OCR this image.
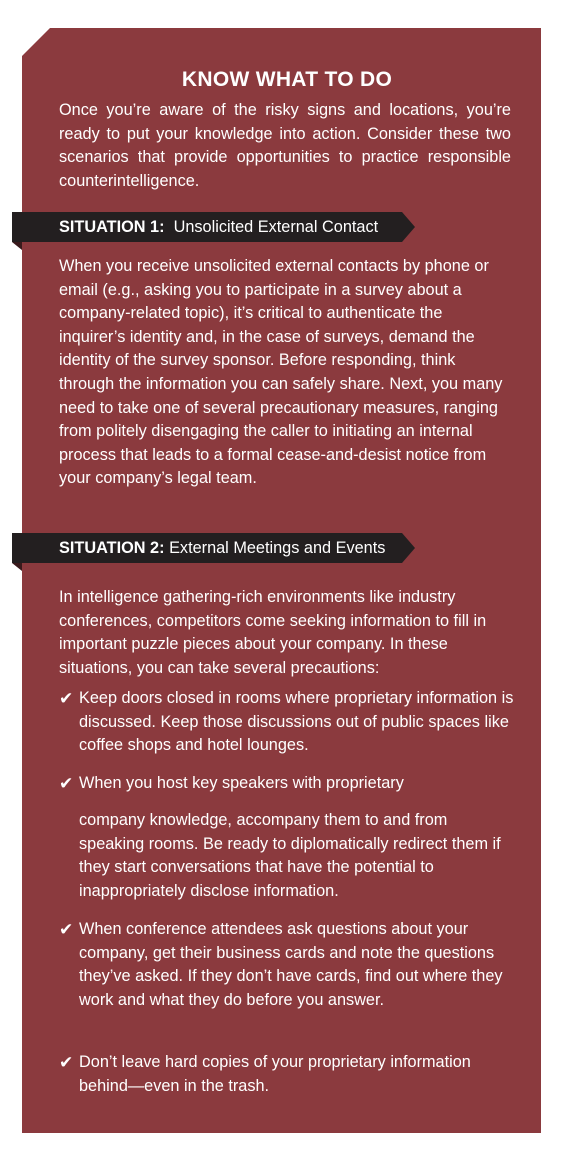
KNOW WHAT TO DO

Once you’re aware of the risky signs and locations, you’re ready to put your knowledge into action. Consider these two scenarios that provide opportunities to practice responsible counterintelligence.

SITUATION 1: Unsolicited External Contact

When you receive unsolicited external contacts by phone or email (e.g., asking you to participate in a survey about a company-related topic), it’s critical to authenticate the inquirer’s identity and, in the case of surveys, demand the identity of the survey sponsor. Before responding, think through the information you can safely share. Next, you many need to take one of several precautionary measures, ranging from politely disengaging the caller to initiating an internal process that leads to a formal cease-and-desist notice from your company’s legal team.

SITUATION 2: External Meetings and Events

In intelligence gathering-rich environments like industry conferences, competitors come seeking information to fill in important puzzle pieces about your company. In these situations, you can take several precautions:

✔ Keep doors closed in rooms where proprietary information is discussed. Keep those discussions out of public spaces like coffee shops and hotel lounges.
✔ When you host key speakers with proprietary
company knowledge, accompany them to and from speaking rooms. Be ready to diplomatically redirect them if they start conversations that have the potential to inappropriately disclose information.
✔ When conference attendees ask questions about your company, get their business cards and note the questions they’ve asked. If they don’t have cards, find out where they work and what they do before you answer.
✔ Don’t leave hard copies of your proprietary information behind—even in the trash.
